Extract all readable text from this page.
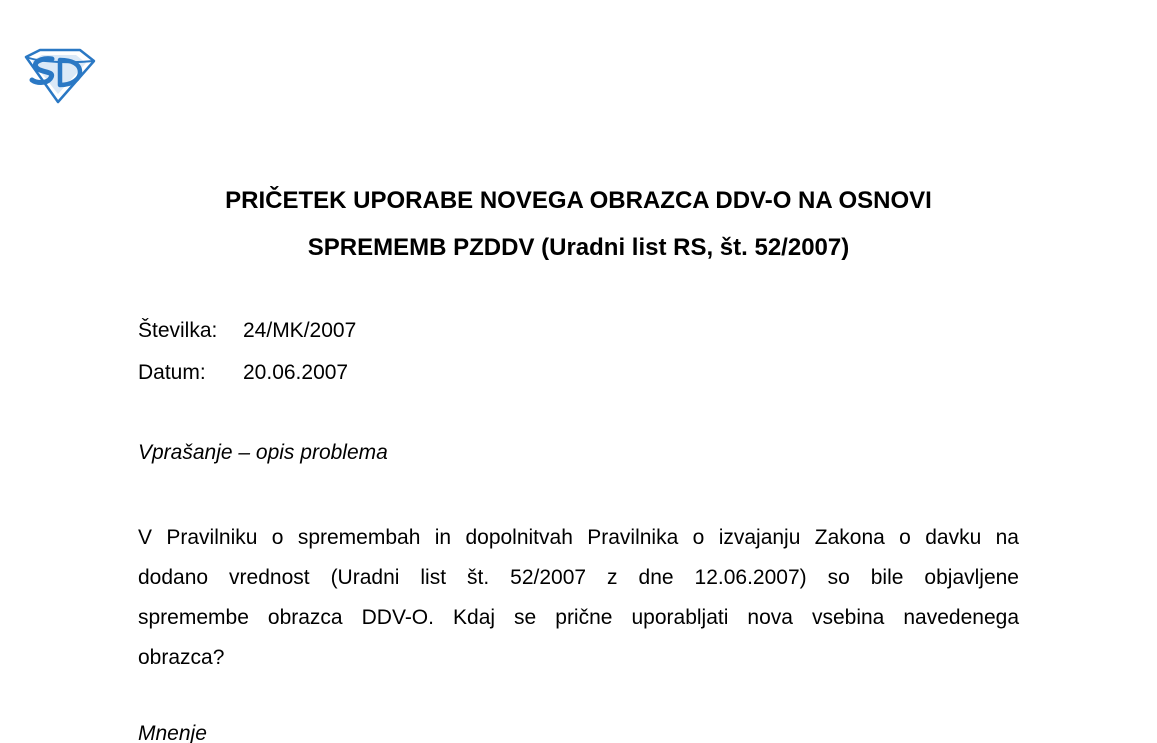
PRIČETEK UPORABE NOVEGA OBRAZCA DDV-O NA OSNOVI
SPREMEMB PZDDV (Uradni list RS, št. 52/2007)
Številka:	24/MK/2007
Datum:	20.06.2007
Vprašanje – opis problema
V Pravilniku o spremembah in dopolnitvah Pravilnika o izvajanju Zakona o davku na
dodano vrednost (Uradni list št. 52/2007 z dne 12.06.2007) so bile objavljene
spremembe obrazca DDV-O. Kdaj se prične uporabljati nova vsebina navedenega
obrazca?
Mnenje
